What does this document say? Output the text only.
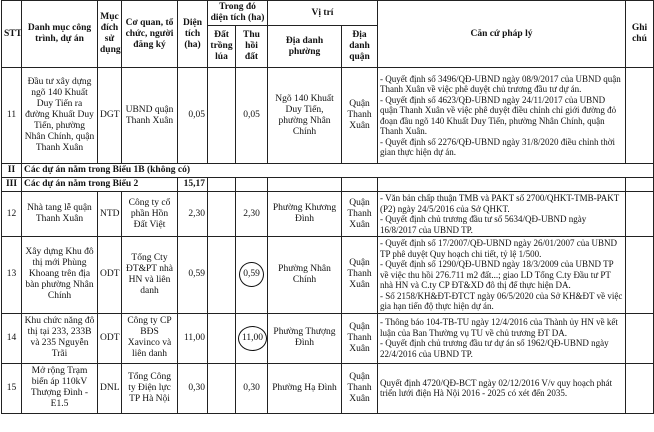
STT	Danh mục công trình, dự án	Mục đích sử dụng	Cơ quan, tổ chức, người đăng ký	Diện tích (ha)	Trong đó diện tích (ha)		Vị trí		Căn cứ pháp lý	Ghi chú
					Đất trồng lúa	Thu hồi đất	Địa danh phường	Địa danh quận		
11	Đầu tư xây dựng ngõ 140 Khuất Duy Tiến ra đường Khuất Duy Tiến, phường Nhân Chính, quận Thanh Xuân	DGT	UBND quận Thanh Xuân	0,05		0,05	Ngõ 140 Khuất Duy Tiến, phường Nhân Chính	Quận Thanh Xuân	- Quyết định số 3496/QĐ-UBND ngày 08/9/2017 của UBND quận Thanh Xuân về việc phê duyệt chủ trương đầu tư dự án.
- Quyết định số 4623/QĐ-UBND ngày 24/11/2017 của UBND quận Thanh Xuân về việc phê duyệt điều chỉnh chỉ giới đường đỏ đoạn đầu ngõ 140 Khuất Duy Tiến, phường Nhân Chính, quận Thanh Xuân.
- Quyết định số 2276/QĐ-UBND ngày 31/8/2020 điều chỉnh thời gian thực hiện dự án.	

II	Các dự án nằm trong Biểu 1B (không có)									
III	Các dự án nằm trong Biểu 2			15,17						
12	Nhà tang lễ quận Thanh Xuân	NTD	Công ty cổ phần Hồn Đất Việt	2,30		2,30	Phường Khương Đình	Quận Thanh Xuân	- Văn bản chấp thuận TMB và PAKT số 2700/QHKT-TMB-PAKT (P2) ngày 24/5/2016 của Sở QHKT.
- Quyết định chủ trương đầu tư số 5634/QĐ-UBND ngày 16/8/2017 của UBND TP.	

13	Xây dựng Khu đô thị mới Phùng Khoang trên địa bàn phường Nhân Chính	ODT	Tổng Cty ĐT&PT nhà HN và liên danh	0,59		0,59	Phường Nhân Chính	Quận Thanh Xuân	- Quyết định số 17/2007/QĐ-UBND ngày 26/01/2007 của UBND TP phê duyệt Quy hoạch chi tiết, tỷ lệ 1/500.
- Quyết định số 1290/QĐ-UBND ngày 18/3/2009 của UBND TP về việc thu hồi 276.711 m2 đất...; giao LD Tổng C.ty Đầu tư PT nhà HN và C.ty CP ĐT&XD đô thị để thực hiện DA.
- Số 2158/KH&ĐT-ĐTCT ngày 06/5/2020 của Sở KH&ĐT về việc gia hạn tiến độ thực hiện dự án.	

14	Khu chức năng đô thị tại 233, 233B và 235 Nguyễn Trãi	ODT	Công ty CP BĐS Xavinco và liên danh	11,00		11,00	Phường Thượng Đình	Quận Thanh Xuân	- Thông báo 104-TB-TU ngày 12/4/2016 của Thành ủy HN về kết luận của Ban Thường vụ TU về chủ trương ĐT DA.
- Quyết định chủ trương đầu tư dự án số 1962/QĐ-UBND ngày 22/4/2016 của UBND TP.	

15	Mở rộng Trạm biến áp 110kV Thượng Đình - E1.5	DNL	Tổng Công ty Điện lực TP Hà Nội	0,30		0,30	Phường Hạ Đình	Quận Thanh Xuân	Quyết định 4720/QĐ-BCT ngày 02/12/2016 V/v quy hoạch phát triển lưới điện Hà Nội 2016 - 2025 có xét đến 2035.	
